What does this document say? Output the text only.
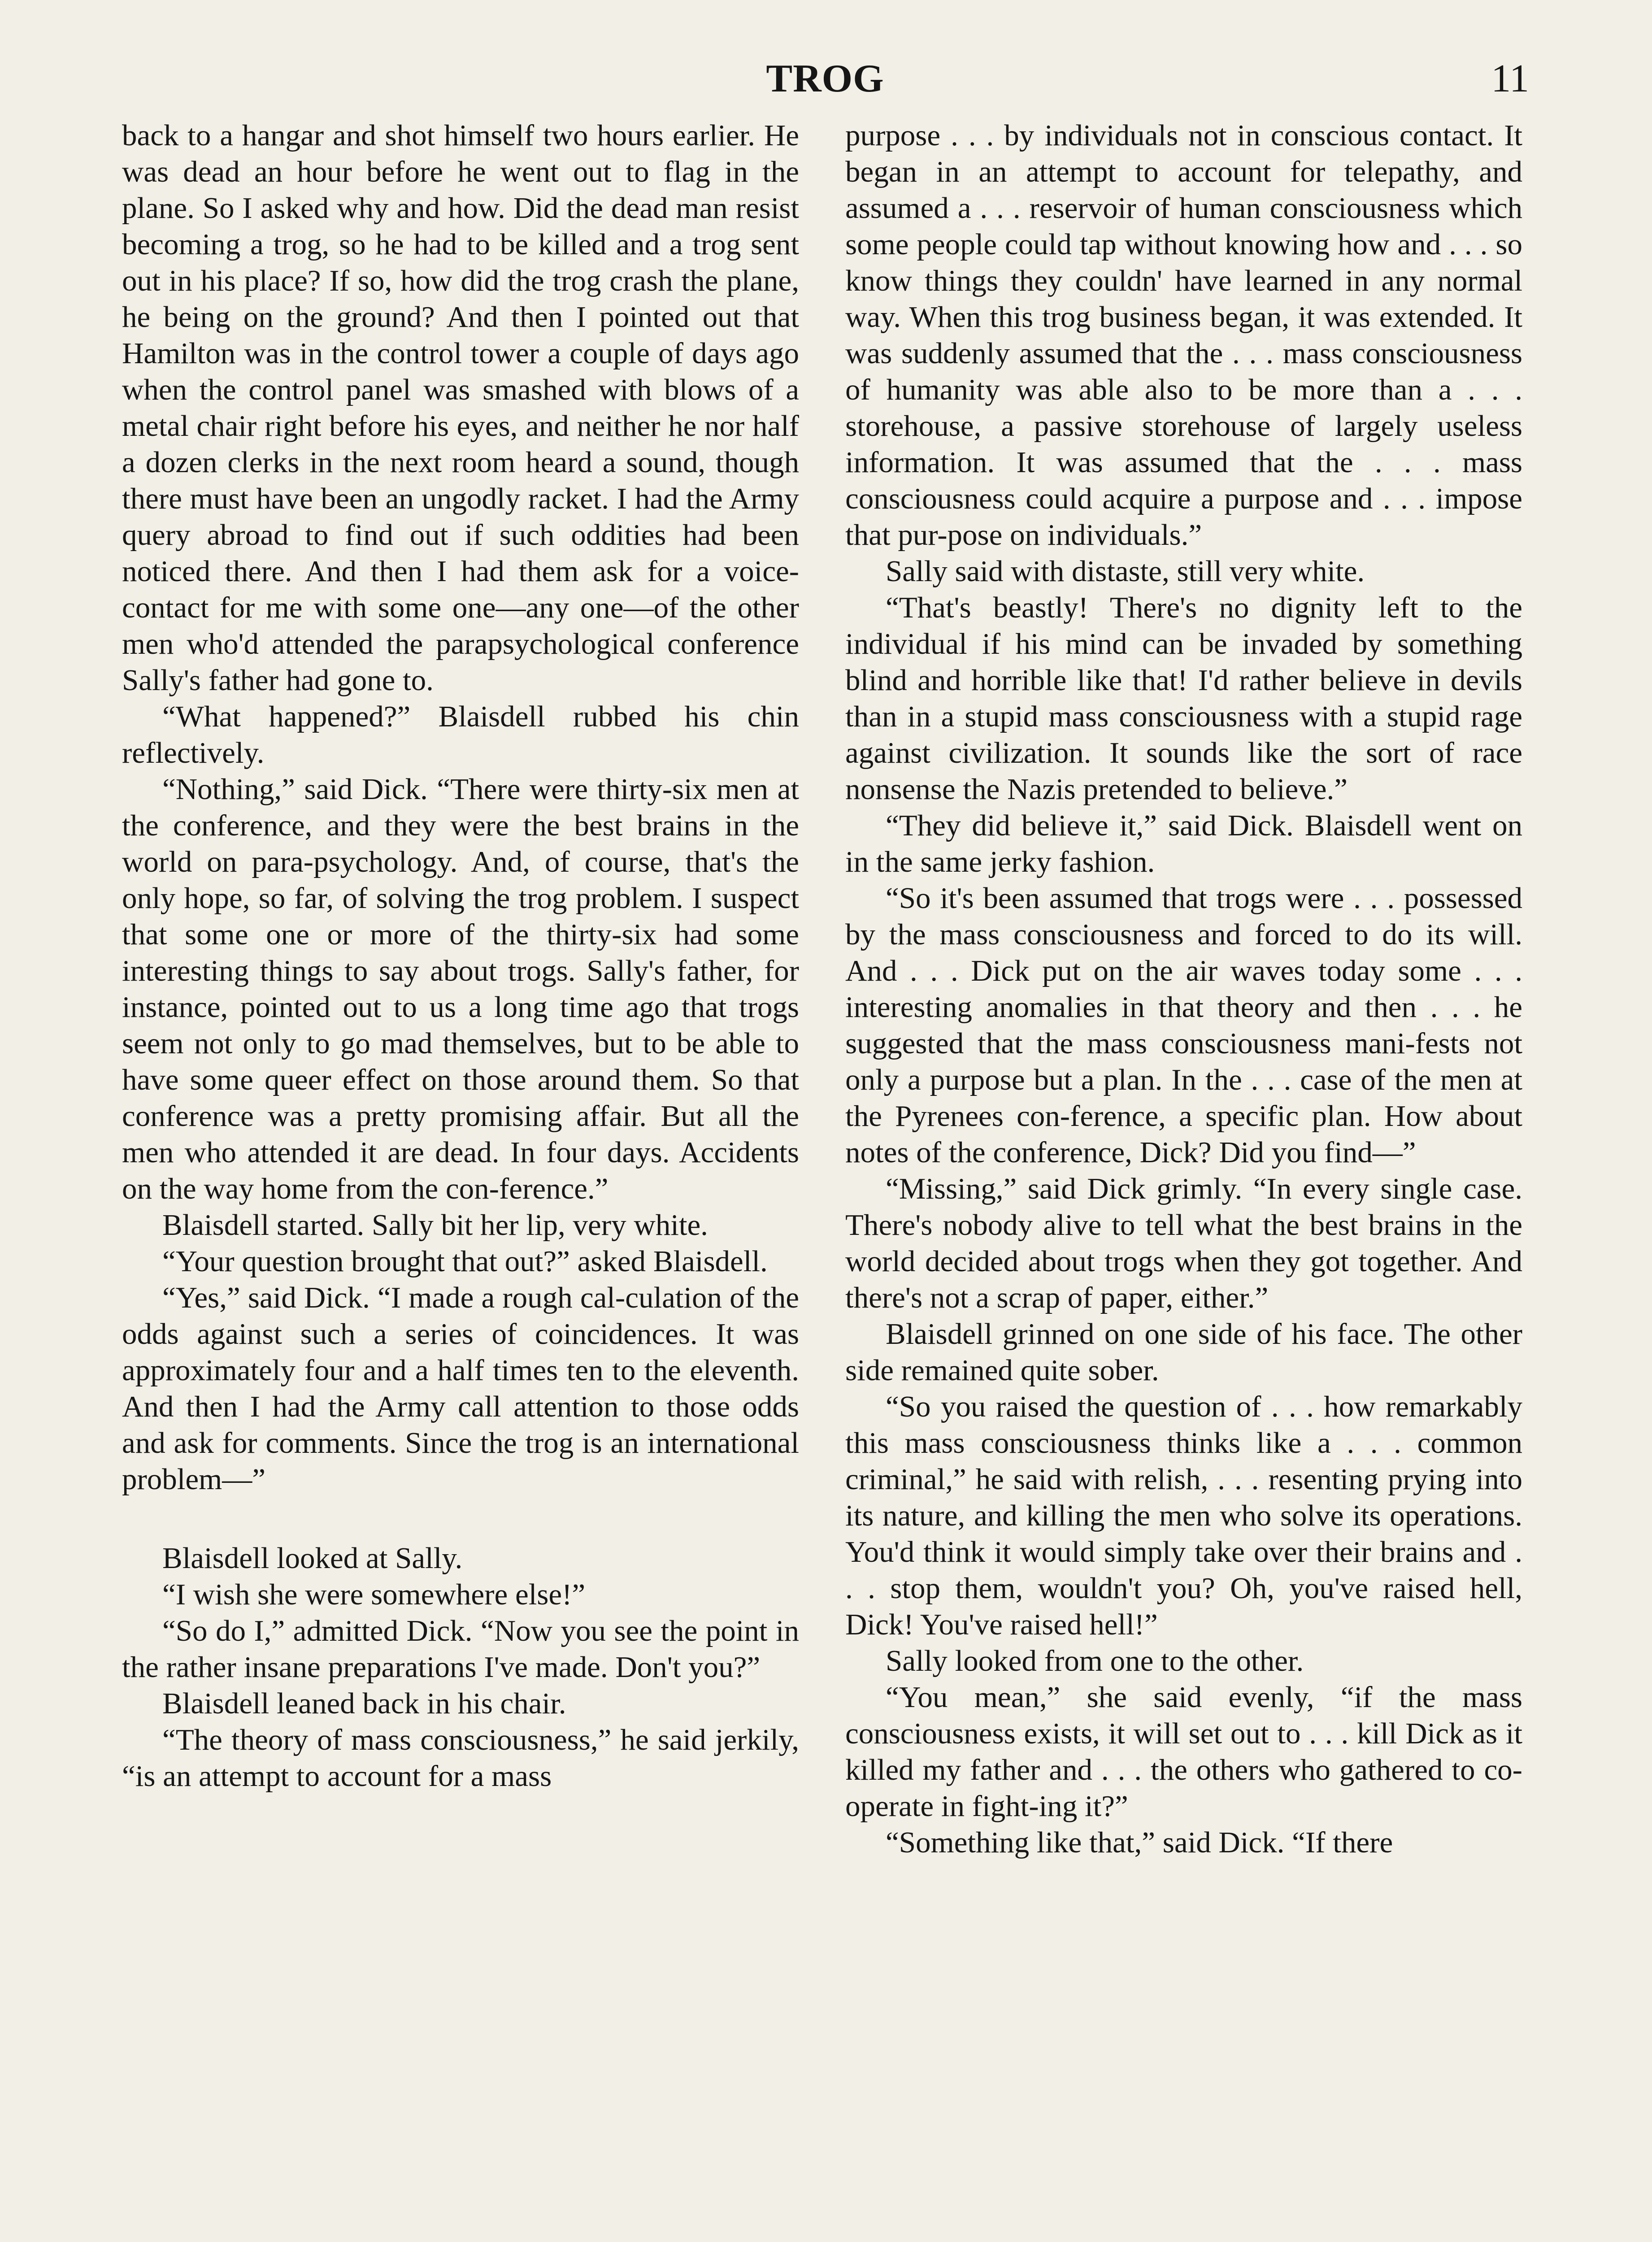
TROG	11

back to a hangar and shot himself two hours earlier. He was dead an hour before he went out to flag in the plane. So I asked why and how. Did the dead man resist becoming a trog, so he had to be killed and a trog sent out in his place? If so, how did the trog crash the plane, he being on the ground? And then I pointed out that Hamilton was in the control tower a couple of days ago when the control panel was smashed with blows of a metal chair right before his eyes, and neither he nor half a dozen clerks in the next room heard a sound, though there must have been an ungodly racket. I had the Army query abroad to find out if such oddities had been noticed there. And then I had them ask for a voice-contact for me with some one—any one—of the other men who'd attended the parapsychological conference Sally's father had gone to.

“What happened?” Blaisdell rubbed his chin reflectively.

“Nothing,” said Dick. “There were thirty-six men at the conference, and they were the best brains in the world on para-psychology. And, of course, that's the only hope, so far, of solving the trog problem. I suspect that some one or more of the thirty-six had some interesting things to say about trogs. Sally's father, for instance, pointed out to us a long time ago that trogs seem not only to go mad themselves, but to be able to have some queer effect on those around them. So that conference was a pretty promising affair. But all the men who attended it are dead. In four days. Accidents on the way home from the con-ference.”

Blaisdell started. Sally bit her lip, very white.

“Your question brought that out?” asked Blaisdell.

“Yes,” said Dick. “I made a rough cal-culation of the odds against such a series of coincidences. It was approximately four and a half times ten to the eleventh. And then I had the Army call attention to those odds and ask for comments. Since the trog is an international problem—”

Blaisdell looked at Sally.

“I wish she were somewhere else!”

“So do I,” admitted Dick. “Now you see the point in the rather insane preparations I've made. Don't you?”

Blaisdell leaned back in his chair.

“The theory of mass consciousness,” he said jerkily, “is an attempt to account for a mass

purpose . . . by individuals not in conscious contact. It began in an attempt to account for telepathy, and assumed a . . . reservoir of human consciousness which some people could tap without knowing how and . . . so know things they couldn' have learned in any normal way. When this trog business began, it was extended. It was suddenly assumed that the . . . mass consciousness of humanity was able also to be more than a . . . storehouse, a passive storehouse of largely useless information. It was assumed that the . . . mass consciousness could acquire a purpose and . . . impose that pur-pose on individuals.”

Sally said with distaste, still very white.

“That's beastly! There's no dignity left to the individual if his mind can be invaded by something blind and horrible like that! I'd rather believe in devils than in a stupid mass consciousness with a stupid rage against civilization. It sounds like the sort of race nonsense the Nazis pretended to believe.”

“They did believe it,” said Dick. Blaisdell went on in the same jerky fashion.

“So it's been assumed that trogs were . . . possessed by the mass consciousness and forced to do its will. And . . . Dick put on the air waves today some . . . interesting anomalies in that theory and then . . . he suggested that the mass consciousness mani-fests not only a purpose but a plan. In the . . . case of the men at the Pyrenees con-ference, a specific plan. How about notes of the conference, Dick? Did you find—”

“Missing,” said Dick grimly. “In every single case. There's nobody alive to tell what the best brains in the world decided about trogs when they got together. And there's not a scrap of paper, either.”

Blaisdell grinned on one side of his face. The other side remained quite sober.

“So you raised the question of . . . how remarkably this mass consciousness thinks like a . . . common criminal,” he said with relish, . . . resenting prying into its nature, and killing the men who solve its operations. You'd think it would simply take over their brains and . . . stop them, wouldn't you? Oh, you've raised hell, Dick! You've raised hell!”

Sally looked from one to the other.

“You mean,” she said evenly, “if the mass consciousness exists, it will set out to . . . kill Dick as it killed my father and . . . the others who gathered to co-operate in fight-ing it?”

“Something like that,” said Dick. “If there
